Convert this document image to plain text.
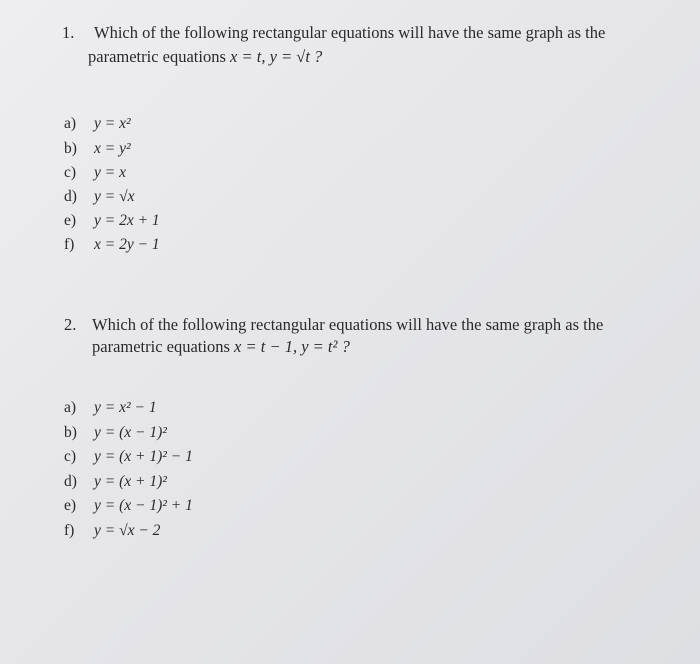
1. Which of the following rectangular equations will have the same graph as the
parametric equations x = t, y = √t ?
a) y = x²
b) x = y²
c) y = x
d) y = √x
e) y = 2x + 1
f) x = 2y − 1
2. Which of the following rectangular equations will have the same graph as the
parametric equations x = t − 1, y = t² ?
a) y = x² − 1
b) y = (x − 1)²
c) y = (x + 1)² − 1
d) y = (x + 1)²
e) y = (x − 1)² + 1
f) y = √x − 2
